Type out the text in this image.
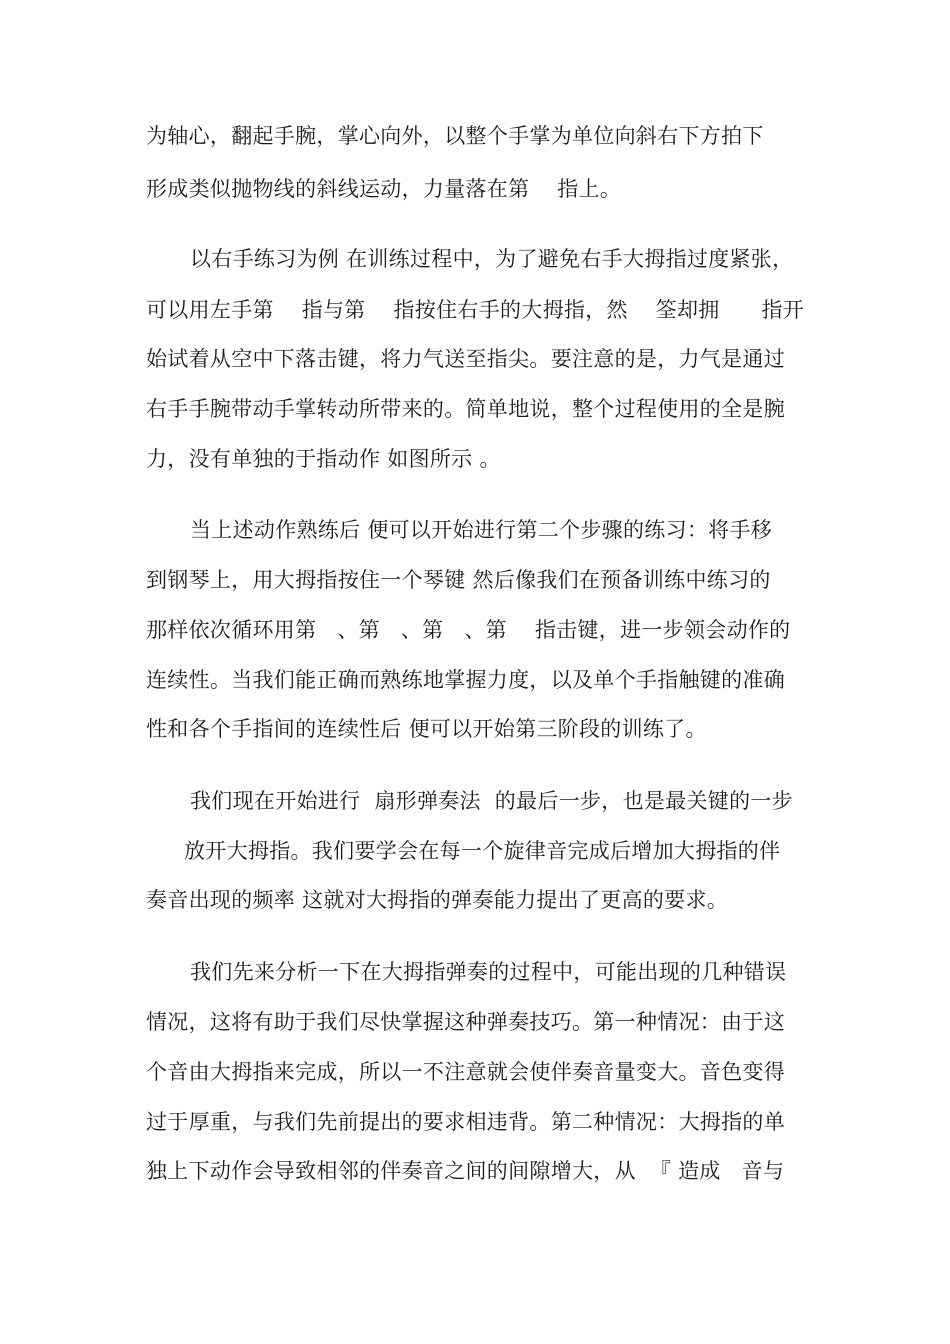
为轴心，翻起手腕，掌心向外，以整个手掌为单位向斜右下方拍下
形成类似抛物线的斜线运动，力量落在第    指上。
以右手练习为例 在训练过程中，为了避免右手大拇指过度紧张，
可以用左手第    指与第    指按住右手的大拇指，然    筌却拥      指开
始试着从空中下落击键，将力气送至指尖。要注意的是，力气是通过
右手手腕带动手掌转动所带来的。简单地说，整个过程使用的全是腕
力，没有单独的于指动作 如图所示 。
当上述动作熟练后 便可以开始进行第二个步骤的练习：将手移
到钢琴上，用大拇指按住一个琴键 然后像我们在预备训练中练习的
那样依次循环用第   、第   、第   、第    指击键，进一步领会动作的
连续性。当我们能正确而熟练地掌握力度，以及单个手指触键的准确
性和各个手指间的连续性后 便可以开始第三阶段的训练了。
我们现在开始进行  扇形弹奏法  的最后一步，也是最关键的一步
放开大拇指。我们要学会在每一个旋律音完成后增加大拇指的伴
奏音出现的频率 这就对大拇指的弹奏能力提出了更高的要求。
我们先来分析一下在大拇指弹奏的过程中，可能出现的几种错误
情况，这将有助于我们尽快掌握这种弹奏技巧。第一种情况：由于这
个音由大拇指来完成，所以一不注意就会使伴奏音量变大。音色变得
过于厚重，与我们先前提出的要求相违背。第二种情况：大拇指的单
独上下动作会导致相邻的伴奏音之间的间隙增大，从  『 造成   音与
